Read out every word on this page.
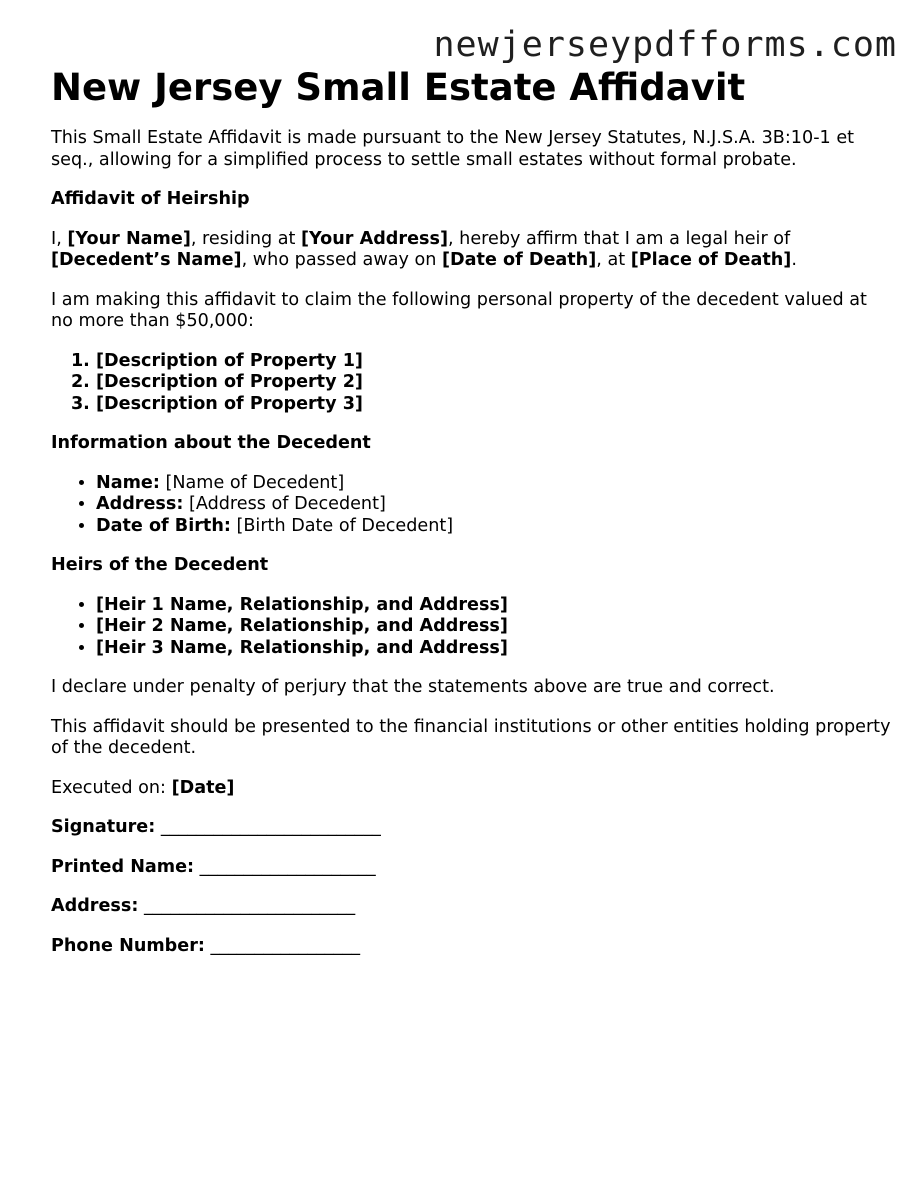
newjerseypdfforms.com
New Jersey Small Estate Affidavit

This Small Estate Affidavit is made pursuant to the New Jersey Statutes, N.J.S.A. 3B:10-1 et seq., allowing for a simplified process to settle small estates without formal probate.

Affidavit of Heirship

I, [Your Name], residing at [Your Address], hereby affirm that I am a legal heir of [Decedent’s Name], who passed away on [Date of Death], at [Place of Death].

I am making this affidavit to claim the following personal property of the decedent valued at no more than $50,000:

1. [Description of Property 1]
2. [Description of Property 2]
3. [Description of Property 3]

Information about the Decedent

• Name: [Name of Decedent]
• Address: [Address of Decedent]
• Date of Birth: [Birth Date of Decedent]

Heirs of the Decedent

• [Heir 1 Name, Relationship, and Address]
• [Heir 2 Name, Relationship, and Address]
• [Heir 3 Name, Relationship, and Address]

I declare under penalty of perjury that the statements above are true and correct.

This affidavit should be presented to the financial institutions or other entities holding property of the decedent.

Executed on: [Date]

Signature: _________________________

Printed Name: ____________________

Address: ________________________

Phone Number: _________________
